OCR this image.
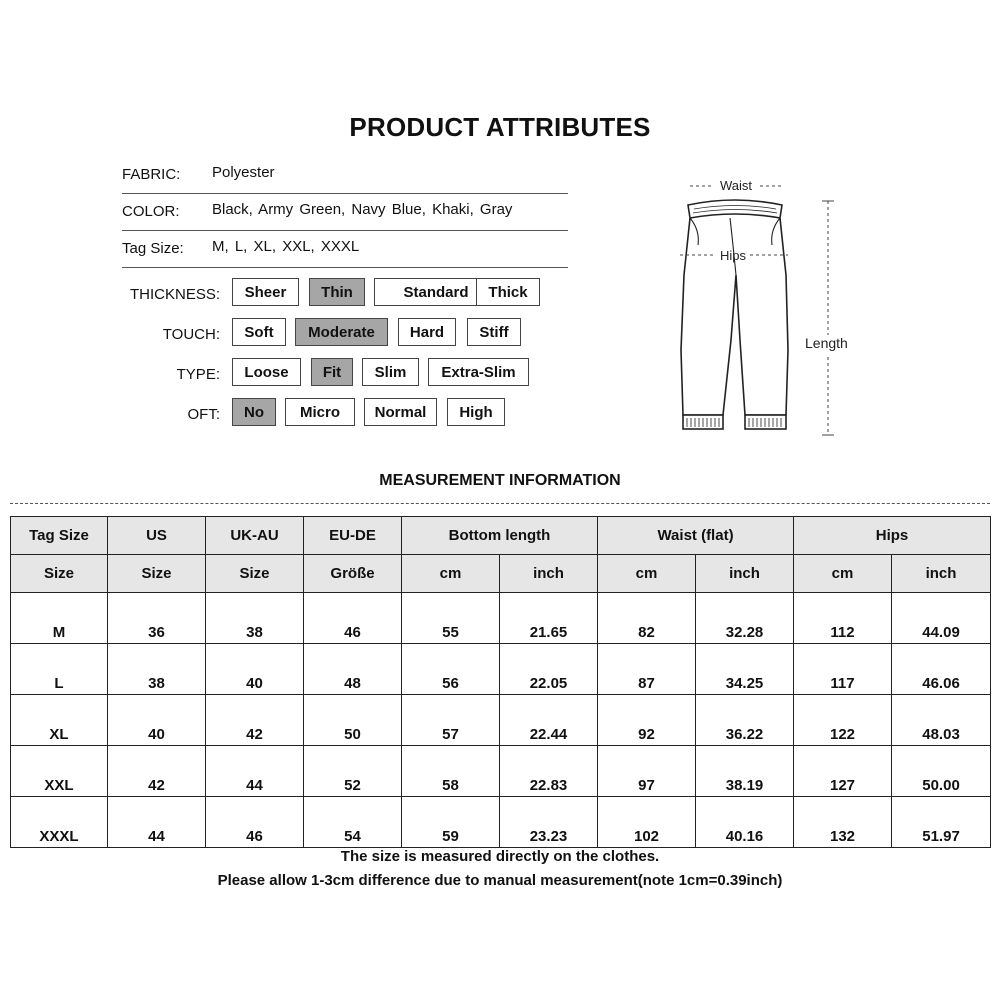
PRODUCT ATTRIBUTES
FABRIC: Polyester
COLOR: Black, Army Green, Navy Blue, Khaki, Gray
Tag Size: M, L, XL, XXL, XXXL
THICKNESS:	Sheer	Thin	Standard	Thick
TOUCH:	Soft	Moderate	Hard	Stiff
TYPE:	Loose	Fit	Slim	Extra-Slim
OFT:	No	Micro	Normal	High
Waist
Hips
Length
MEASUREMENT INFORMATION
Tag Size	US	UK-AU	EU-DE	Bottom length		Waist (flat)		Hips	
Size	Size	Size	Größe	cm	inch	cm	inch	cm	inch
M	36	38	46	55	21.65	82	32.28	112	44.09
L	38	40	48	56	22.05	87	34.25	117	46.06
XL	40	42	50	57	22.44	92	36.22	122	48.03
XXL	42	44	52	58	22.83	97	38.19	127	50.00
XXXL	44	46	54	59	23.23	102	40.16	132	51.97
The size is measured directly on the clothes.
Please allow 1-3cm difference due to manual measurement(note 1cm=0.39inch)
